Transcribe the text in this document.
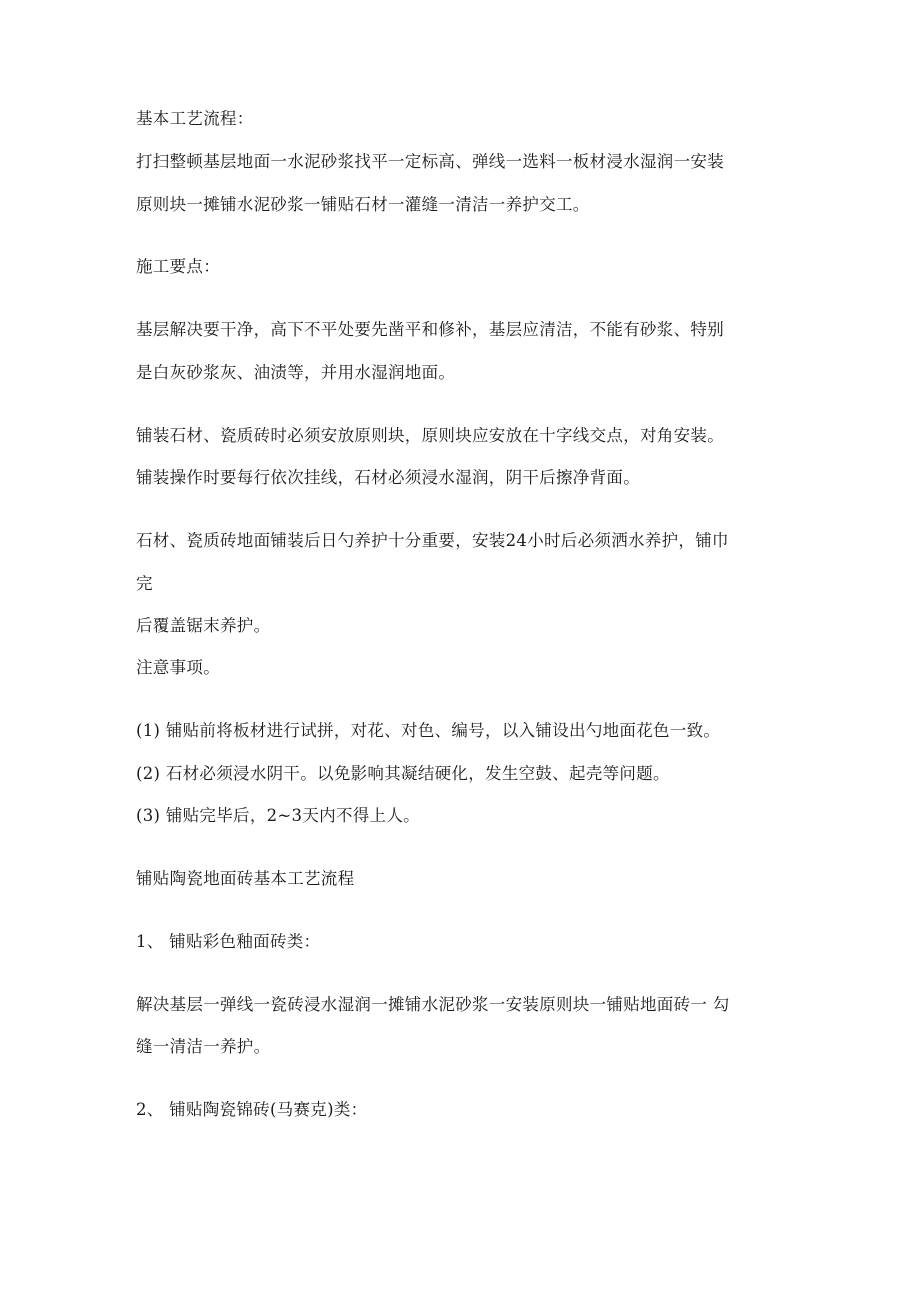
基本工艺流程：
打扫整顿基层地面一水泥砂浆找平一定标高、弹线一选料一板材浸水湿润一安装
原则块一摊铺水泥砂浆一铺贴石材一灌缝一清洁一养护交工。
施工要点：
基层解决要干净，高下不平处要先凿平和修补，基层应清洁，不能有砂浆、特别
是白灰砂浆灰、油渍等，并用水湿润地面。
铺装石材、瓷质砖时必须安放原则块，原则块应安放在十字线交点，对角安装。
铺装操作时要每行依次挂线，石材必须浸水湿润，阴干后擦净背面。
石材、瓷质砖地面铺装后日勺养护十分重要，安装24小时后必须洒水养护，铺巾
完
后覆盖锯末养护。
注意事项。
(1) 铺贴前将板材进行试拼，对花、对色、编号，以入铺设出勺地面花色一致。
(2) 石材必须浸水阴干。以免影响其凝结硬化，发生空鼓、起壳等问题。
(3) 铺贴完毕后，2~3天内不得上人。
铺贴陶瓷地面砖基本工艺流程
1、 铺贴彩色釉面砖类：
解决基层一弹线一瓷砖浸水湿润一摊铺水泥砂浆一安装原则块一铺贴地面砖一 勾
缝一清洁一养护。
2、 铺贴陶瓷锦砖(马赛克)类：
